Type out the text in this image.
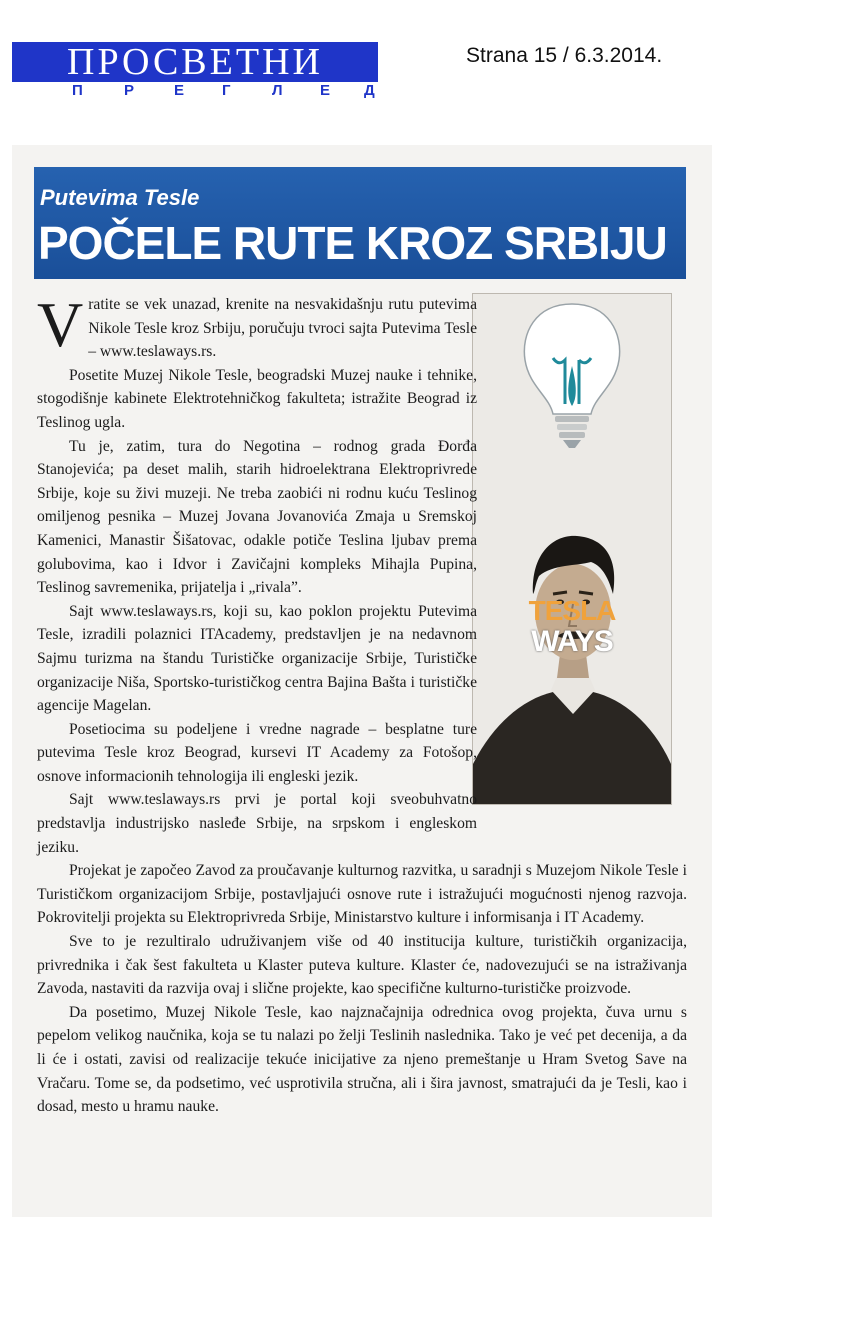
ПРОСВЕТНИ
П	Р	Е	Г	Л Е Д
Strana 15 / 6.3.2014.
Putevima Tesle
POČELE RUTE KROZ SRBIJU
TESLA
WAYS

Vratite se vek unazad, krenite na nesvakidašnju rutu putevima Nikole Tesle kroz Srbiju, poručuju tvroci sajta Putevima Tesle – www.teslaways.rs.

Posetite Muzej Nikole Tesle, beogradski Muzej nauke i tehnike, stogodišnje kabinete Elektrotehničkog fakulteta; istražite Beograd iz Teslinog ugla.

Tu je, zatim, tura do Negotina – rodnog grada Đorđa Stanojevića; pa deset malih, starih hidroelektrana Elektroprivrede Srbije, koje su živi muzeji. Ne treba zaobići ni rodnu kuću Teslinog omiljenog pesnika – Muzej Jovana Jovanovića Zmaja u Sremskoj Kamenici, Manastir Šišatovac, odakle potiče Teslina ljubav prema golubovima, kao i Idvor i Zavičajni kompleks Mihajla Pupina, Teslinog savremenika, prijatelja i „rivala”.

Sajt www.teslaways.rs, koji su, kao poklon projektu Putevima Tesle, izradili polaznici ITAcademy, predstavljen je na nedavnom Sajmu turizma na štandu Turističke organizacije Srbije, Turističke organizacije Niša, Sportsko-turističkog centra Bajina Bašta i turističke agencije Magelan.

Posetiocima su podeljene i vredne nagrade – besplatne ture putevima Tesle kroz Beograd, kursevi IT Academy za Fotošop, osnove informacionih tehnologija ili engleski jezik.

Sajt www.teslaways.rs prvi je portal koji sveobuhvatno predstavlja industrijsko nasleđe Srbije, na srpskom i engleskom jeziku.

Projekat je započeo Zavod za proučavanje kulturnog razvitka, u saradnji s Muzejom Nikole Tesle i Turističkom organizacijom Srbije, postavljajući osnove rute i istražujući mogućnosti njenog razvoja. Pokrovitelji projekta su Elektroprivreda Srbije, Ministarstvo kulture i informisanja i IT Academy.

Sve to je rezultiralo udruživanjem više od 40 institucija kulture, turističkih organizacija, privrednika i čak šest fakulteta u Klaster puteva kulture. Klaster će, nadovezujući se na istraživanja Zavoda, nastaviti da razvija ovaj i slične projekte, kao specifične kulturno-turističke proizvode.

Da posetimo, Muzej Nikole Tesle, kao najznačajnija odrednica ovog projekta, čuva urnu s pepelom velikog naučnika, koja se tu nalazi po želji Teslinih naslednika. Tako je već pet decenija, a da li će i ostati, zavisi od realizacije tekuće inicijative za njeno premeštanje u Hram Svetog Save na Vračaru. Tome se, da podsetimo, već usprotivila stručna, ali i šira javnost, smatrajući da je Tesli, kao i dosad, mesto u hramu nauke.
